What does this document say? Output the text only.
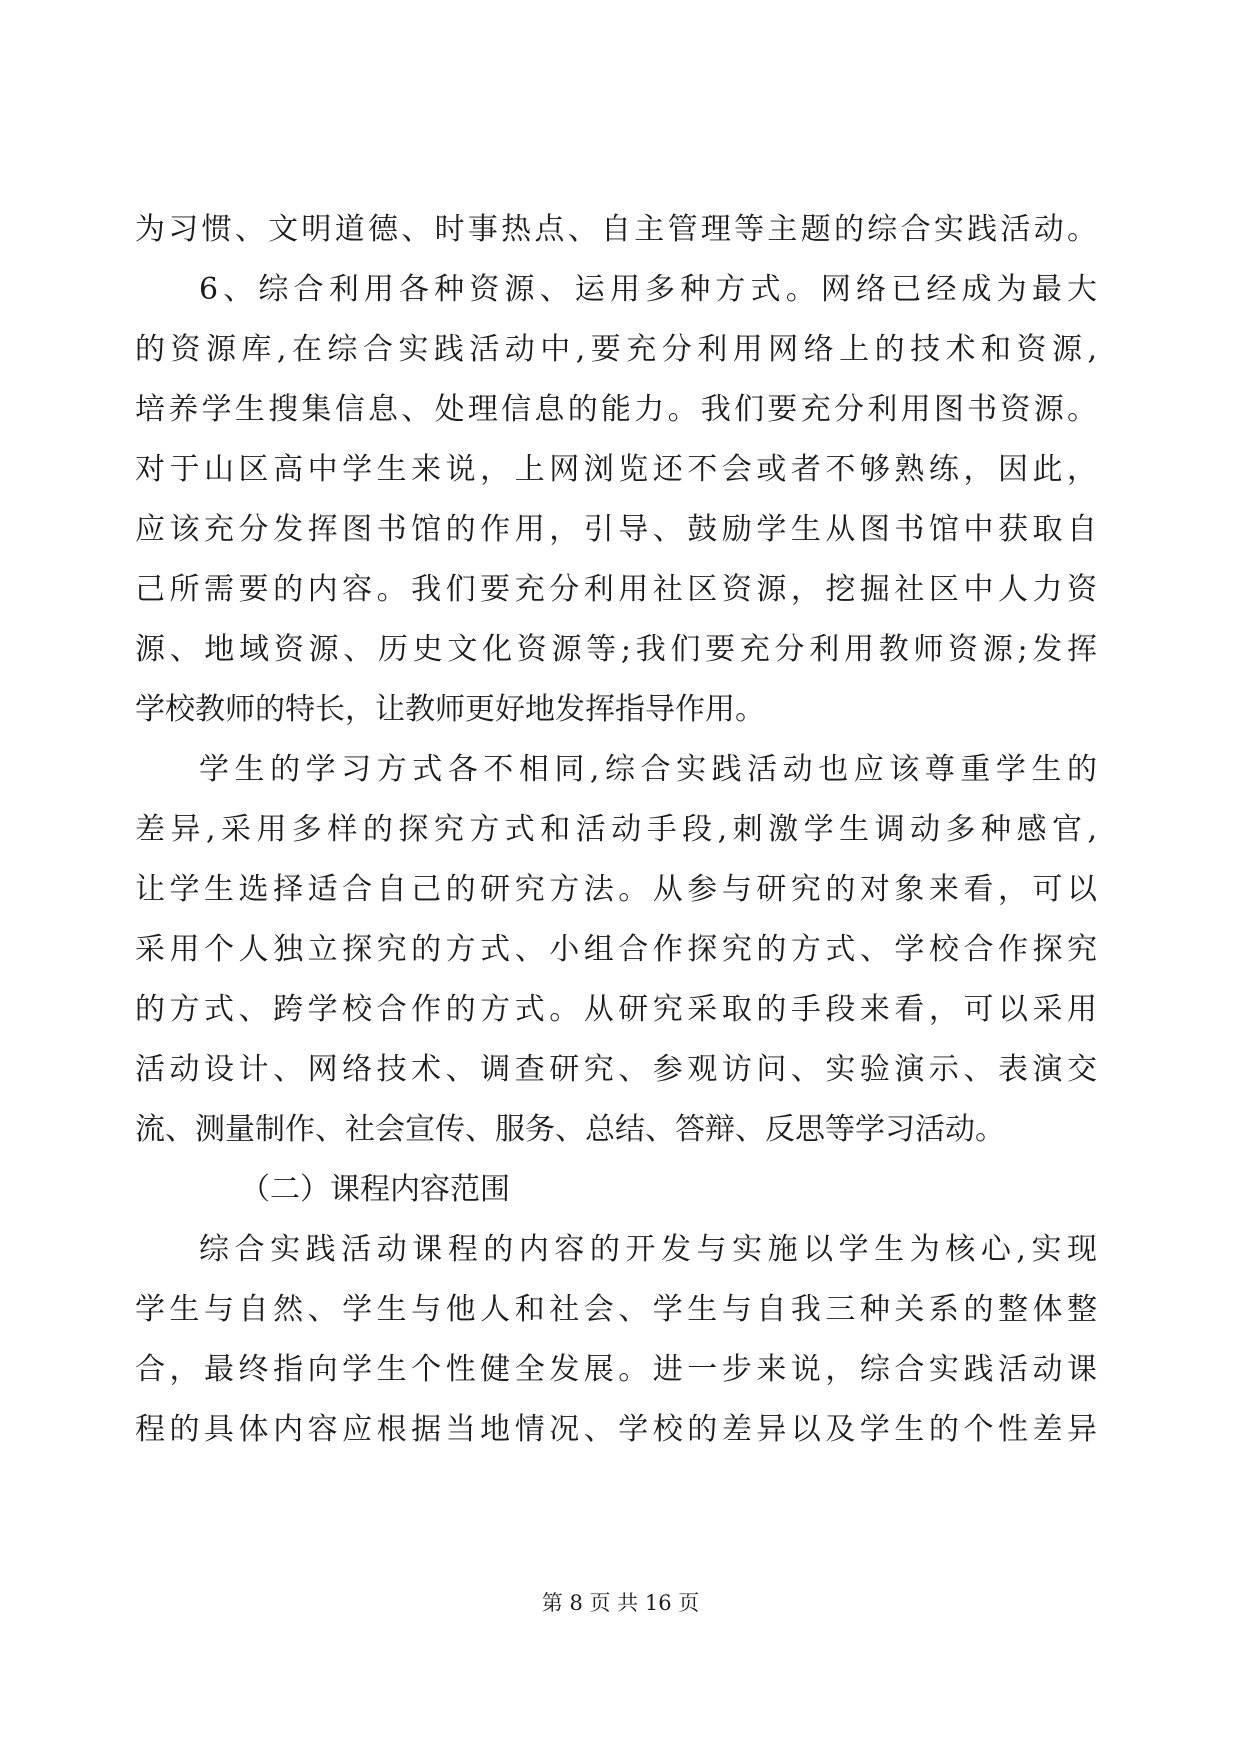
为习惯、文明道德、时事热点、自主管理等主题的综合实践活动。
6、综合利用各种资源、运用多种方式。网络已经成为最大
的资源库,在综合实践活动中,要充分利用网络上的技术和资源,
培养学生搜集信息、处理信息的能力。我们要充分利用图书资源。
对于山区高中学生来说，上网浏览还不会或者不够熟练，因此，
应该充分发挥图书馆的作用，引导、鼓励学生从图书馆中获取自
己所需要的内容。我们要充分利用社区资源，挖掘社区中人力资
源、地域资源、历史文化资源等;我们要充分利用教师资源;发挥
学校教师的特长，让教师更好地发挥指导作用。
学生的学习方式各不相同,综合实践活动也应该尊重学生的
差异,采用多样的探究方式和活动手段,刺激学生调动多种感官,
让学生选择适合自己的研究方法。从参与研究的对象来看，可以
采用个人独立探究的方式、小组合作探究的方式、学校合作探究
的方式、跨学校合作的方式。从研究采取的手段来看，可以采用
活动设计、网络技术、调查研究、参观访问、实验演示、表演交
流、测量制作、社会宣传、服务、总结、答辩、反思等学习活动。
（二）课程内容范围
综合实践活动课程的内容的开发与实施以学生为核心,实现
学生与自然、学生与他人和社会、学生与自我三种关系的整体整
合，最终指向学生个性健全发展。进一步来说，综合实践活动课
程的具体内容应根据当地情况、学校的差异以及学生的个性差异
第 8 页 共 16 页
